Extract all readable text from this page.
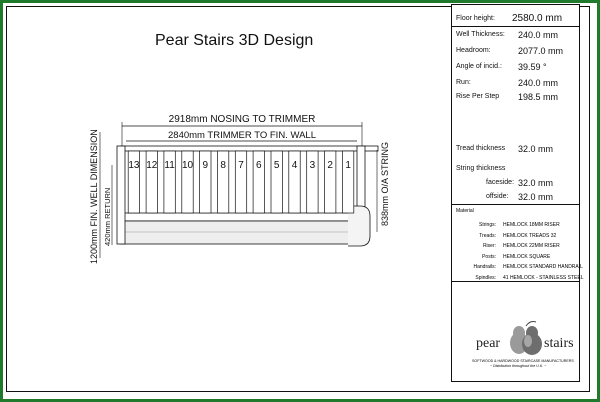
Pear Stairs 3D Design
2918mm NOSING TO TRIMMER
2840mm TRIMMER TO FIN. WALL
13 12 11 10 9 8 7 6 5 4 3 2 1
1200mm FIN. WELL DIMENSION 420mm RETURN	838mm O/A STRING
Floor height: 2580.0 mm
Well Thickness: 240.0 mm
Headroom:	2077.0 mm
Angle of incid.: 39.59 °
Run:	240.0 mm
Rise Per Step 198.5 mm
Tread thickness 32.0 mm
String thickness
faceside: 32.0 mm
offside: 32.0 mm
Material
Strings: HEMLOCK 18MM RISER
Treads: HEMLOCK TREADS 32
Riser: HEMLOCK 22MM RISER
Posts: HEMLOCK SQUARE
Handrails: HEMLOCK STANDARD HANDRAIL
Spindles: 41 HEMLOCK - STAINLESS STEEL
pear	stairs
SOFTWOOD & HARDWOOD STAIRCASE MANUFACTURERS
~ Distribution throughout the U.K. ~
